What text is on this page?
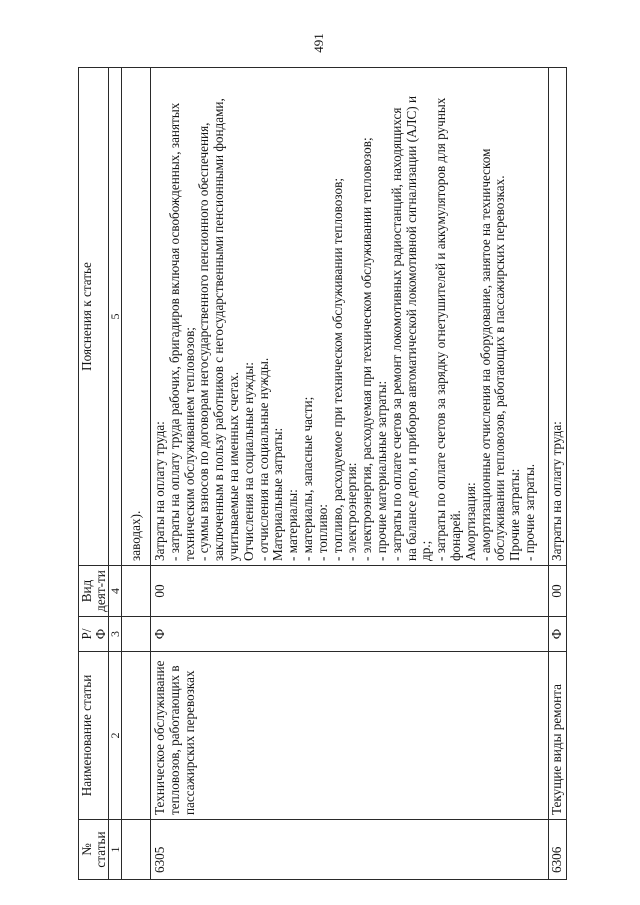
491
№
статьи
Наименование статьи
Р/
Ф
Вид
деят-ти
Пояснения к статье
1
2
3
4
5
заводах).
6305
Техническое обслуживание тепловозов, работающих в пассажирских перевозках
Ф
00
Затраты на оплату труда: - затраты на оплату труда рабочих, бригадиров включая освобожденных, занятых техническим обслуживанием тепловозов; - суммы взносов по договорам негосударственного пенсионного обеспечения, заключенным в пользу работников с негосударственными пенсионными фондами, учитываемые на именных счетах. Отчисления на социальные нужды: - отчисления на социальные нужды. Материальные затраты: - материалы: - материалы, запасные части; - топливо: - топливо, расходуемое при техническом обслуживании тепловозов; - электроэнергия: - электроэнергия, расходуемая при техническом обслуживании тепловозов; - прочие материальные затраты: - затраты по оплате счетов за ремонт локомотивных радиостанций, находящихся на балансе депо, и приборов автоматической локомотивной сигнализации (АЛС) и др.; - затраты по оплате счетов за зарядку огнетушителей и аккумуляторов для ручных фонарей. Амортизация: - амортизационные отчисления на оборудование, занятое на техническом обслуживании тепловозов, работающих в пассажирских перевозках. Прочие затраты: - прочие затраты.
6306
Текущие виды ремонта
Ф
00
Затраты на оплату труда:
